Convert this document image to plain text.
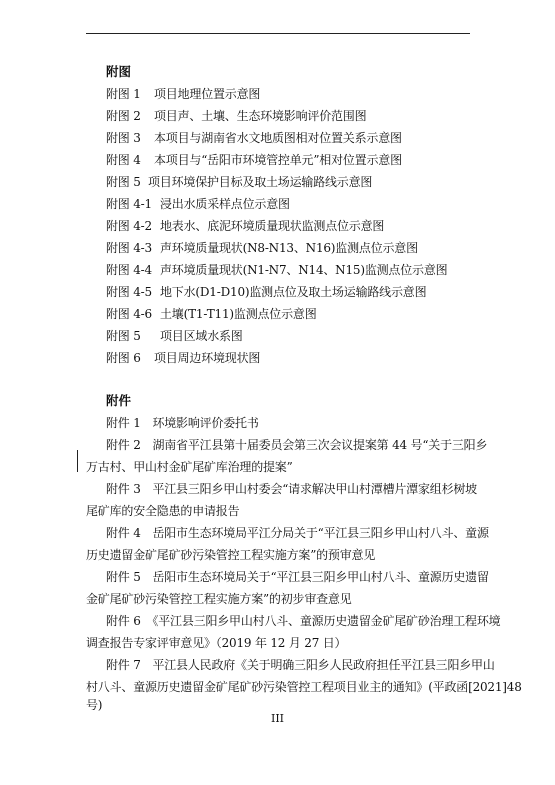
附图
附图 1 项目地理位置示意图
附图 2 项目声、土壤、生态环境影响评价范围图
附图 3 本项目与湖南省水文地质图相对位置关系示意图
附图 4 本项目与“岳阳市环境管控单元”相对位置示意图
附图 5 项目环境保护目标及取土场运输路线示意图
附图 4-1 浸出水质采样点位示意图
附图 4-2 地表水、底泥环境质量现状监测点位示意图
附图 4-3 声环境质量现状(N8-N13、N16)监测点位示意图
附图 4-4 声环境质量现状(N1-N7、N14、N15)监测点位示意图
附图 4-5 地下水(D1-D10)监测点位及取土场运输路线示意图
附图 4-6 土壤(T1-T11)监测点位示意图
附图 5 项目区域水系图
附图 6 项目周边环境现状图
附件
附件 1　环境影响评价委托书
附件 2　湖南省平江县第十届委员会第三次会议提案第 44 号“关于三阳乡
万古村、甲山村金矿尾矿库治理的提案”
附件 3　平江县三阳乡甲山村委会“请求解决甲山村潭槽片潭家组杉树坡
尾矿库的安全隐患的申请报告
附件 4　岳阳市生态环境局平江分局关于“平江县三阳乡甲山村八斗、童源
历史遗留金矿尾矿砂污染管控工程实施方案”的预审意见
附件 5　岳阳市生态环境局关于“平江县三阳乡甲山村八斗、童源历史遗留
金矿尾矿砂污染管控工程实施方案”的初步审查意见
附件 6　《平江县三阳乡甲山村八斗、童源历史遗留金矿尾矿砂治理工程环境
调查报告专家评审意见》（2019 年 12 月 27 日）
附件 7　平江县人民政府《关于明确三阳乡人民政府担任平江县三阳乡甲山
村八斗、童源历史遗留金矿尾矿砂污染管控工程项目业主的通知》(平政函[2021]48
号)
III
